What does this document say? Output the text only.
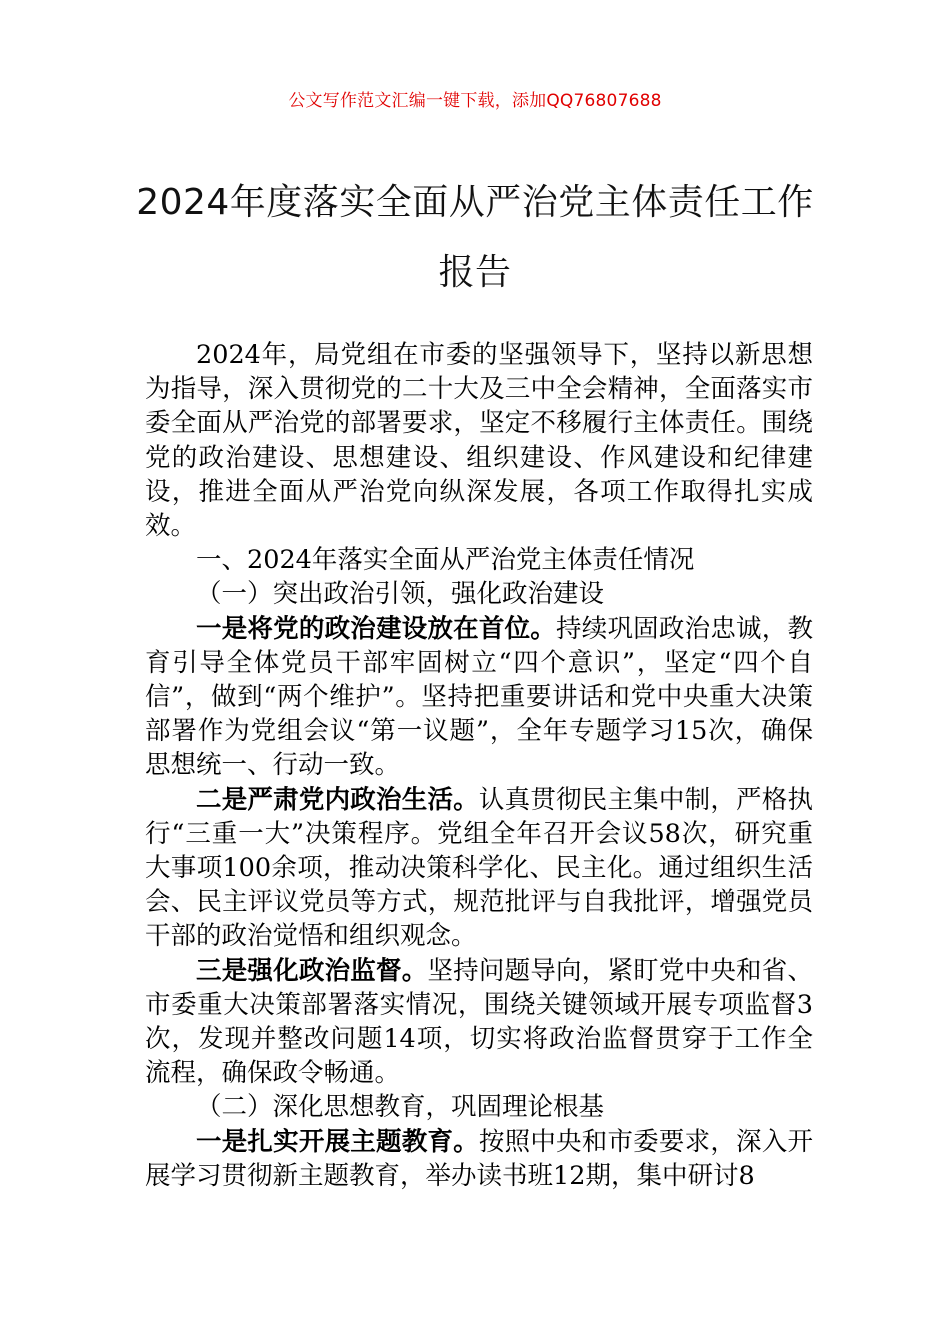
公文写作范文汇编一键下载，添加QQ76807688
2024年度落实全面从严治党主体责任工作
报告

2024年，局党组在市委的坚强领导下，坚持以新思想为指导，深入贯彻党的二十大及三中全会精神，全面落实市委全面从严治党的部署要求，坚定不移履行主体责任。围绕党的政治建设、思想建设、组织建设、作风建设和纪律建设，推进全面从严治党向纵深发展，各项工作取得扎实成效。

一、2024年落实全面从严治党主体责任情况

（一）突出政治引领，强化政治建设

一是将党的政治建设放在首位。持续巩固政治忠诚，教育引导全体党员干部牢固树立“四个意识”，坚定“四个自信”，做到“两个维护”。坚持把重要讲话和党中央重大决策部署作为党组会议“第一议题”，全年专题学习15次，确保思想统一、行动一致。

二是严肃党内政治生活。认真贯彻民主集中制，严格执行“三重一大”决策程序。党组全年召开会议58次，研究重大事项100余项，推动决策科学化、民主化。通过组织生活会、民主评议党员等方式，规范批评与自我批评，增强党员干部的政治觉悟和组织观念。

三是强化政治监督。坚持问题导向，紧盯党中央和省、市委重大决策部署落实情况，围绕关键领域开展专项监督3次，发现并整改问题14项，切实将政治监督贯穿于工作全流程，确保政令畅通。

（二）深化思想教育，巩固理论根基

一是扎实开展主题教育。按照中央和市委要求，深入开展学习贯彻新主题教育，举办读书班12期，集中研讨8
